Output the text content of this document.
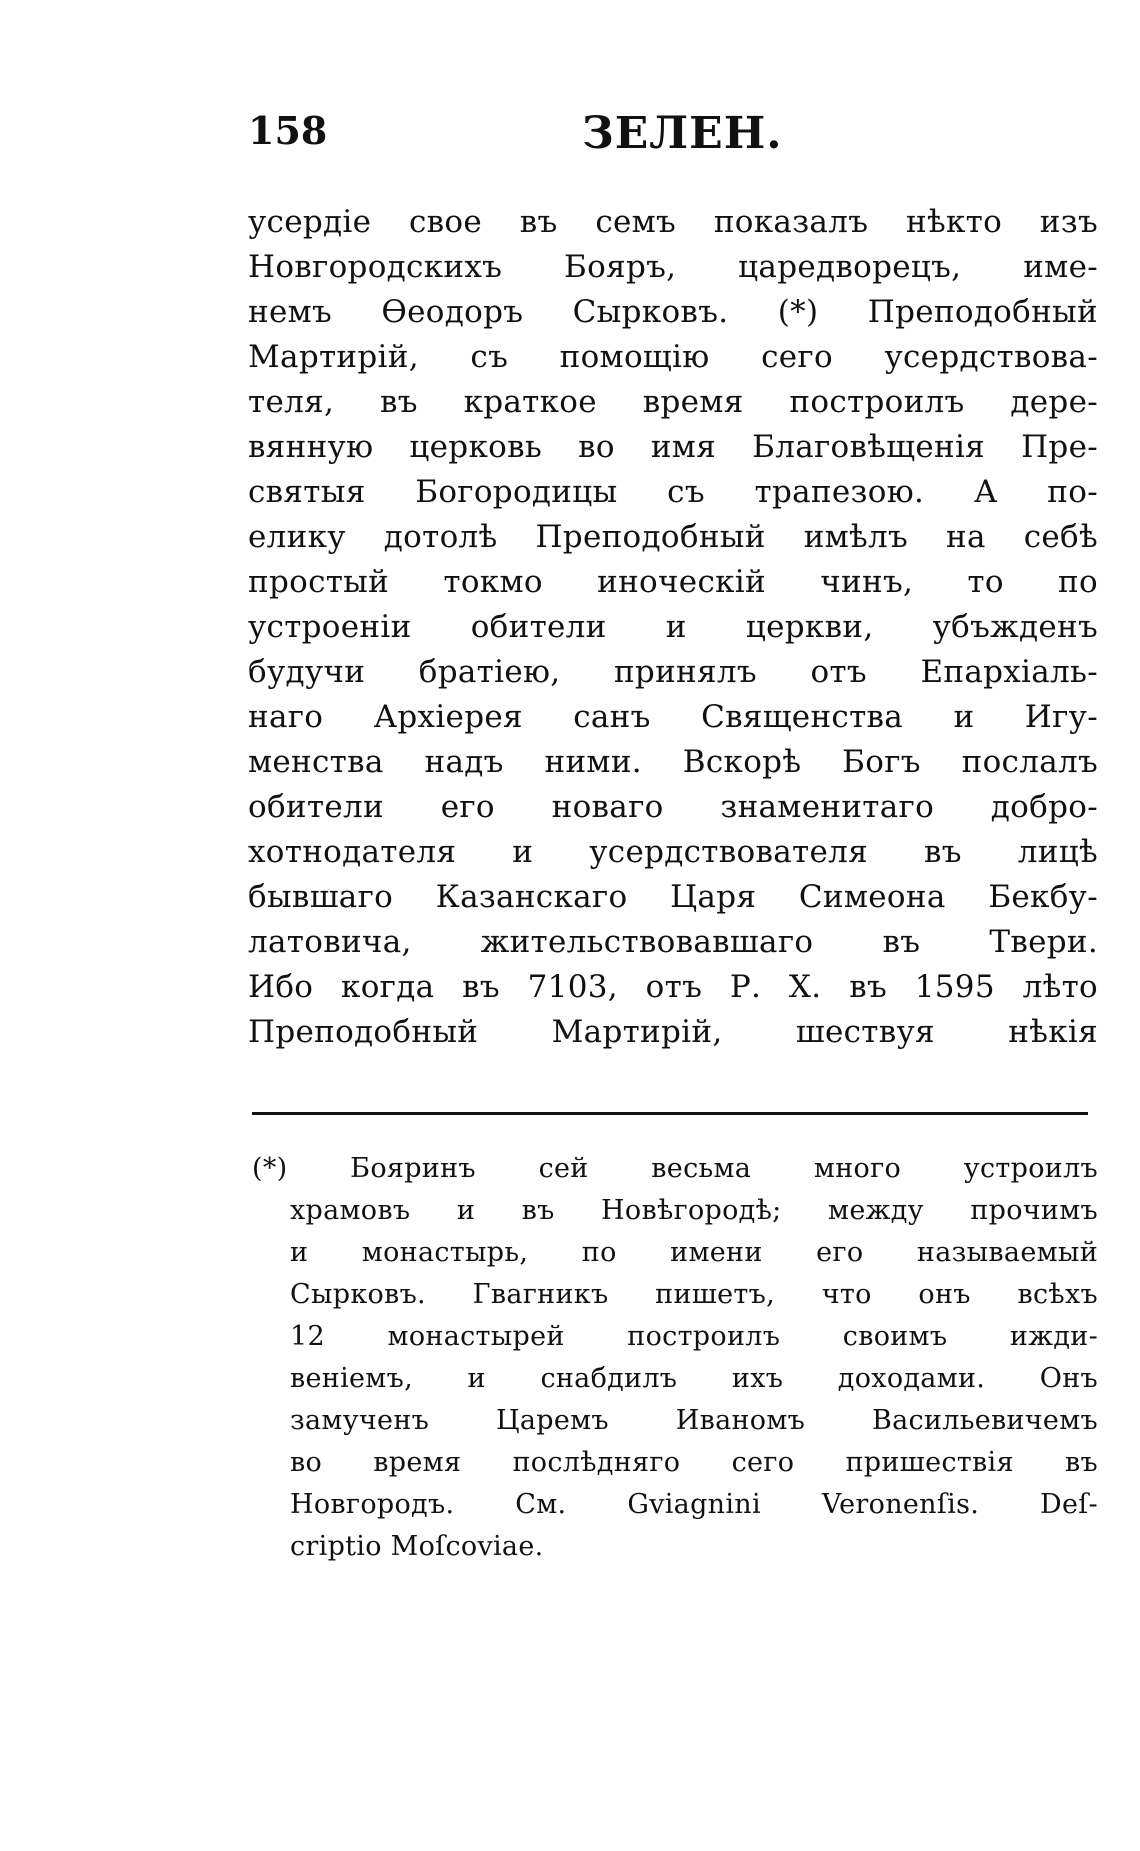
158	ЗЕЛЕН.
усердіе свое въ семъ показалъ нѣкто изъ
Новгородскихъ Бояръ, царедворецъ, име-
немъ Ѳеодоръ Сырковъ. (*) Преподобный
Мартирій, съ помощію сего усердствова-
теля, въ краткое время построилъ дере-
вянную церковь во имя Благовѣщенія Пре-
святыя Богородицы съ трапезою. А по-
елику дотолѣ Преподобный имѣлъ на себѣ
простый токмо иноческій чинъ, то по
устроеніи обители и церкви, убъжденъ
будучи братіею, принялъ отъ Епархіаль-
наго Архіерея санъ Священства и Игу-
менства надъ ними. Вскорѣ Богъ послалъ
обители его новаго знаменитаго добро-
хотнодателя и усердствователя въ лицѣ
бывшаго Казанскаго Царя Симеона Бекбу-
латовича, жительствовавшаго въ Твери.
Ибо когда въ 7103, отъ Р. Х. въ 1595 лѣто
Преподобный Мартирій, шествуя нѣкія
(*) Бояринъ сей весьма много устроилъ
храмовъ и въ Новѣгородѣ; между прочимъ
и монастырь, по имени его называемый
Сырковъ. Гвагникъ пишетъ, что онъ всѣхъ
12 монастырей построилъ своимъ ижди-
веніемъ, и снабдилъ ихъ доходами. Онъ
замученъ Царемъ Иваномъ Васильевичемъ
во время послѣдняго сего пришествія въ
Новгородъ. См. Gviagnini Veronenſis. Deſ-
criptio Moſcoviae.
